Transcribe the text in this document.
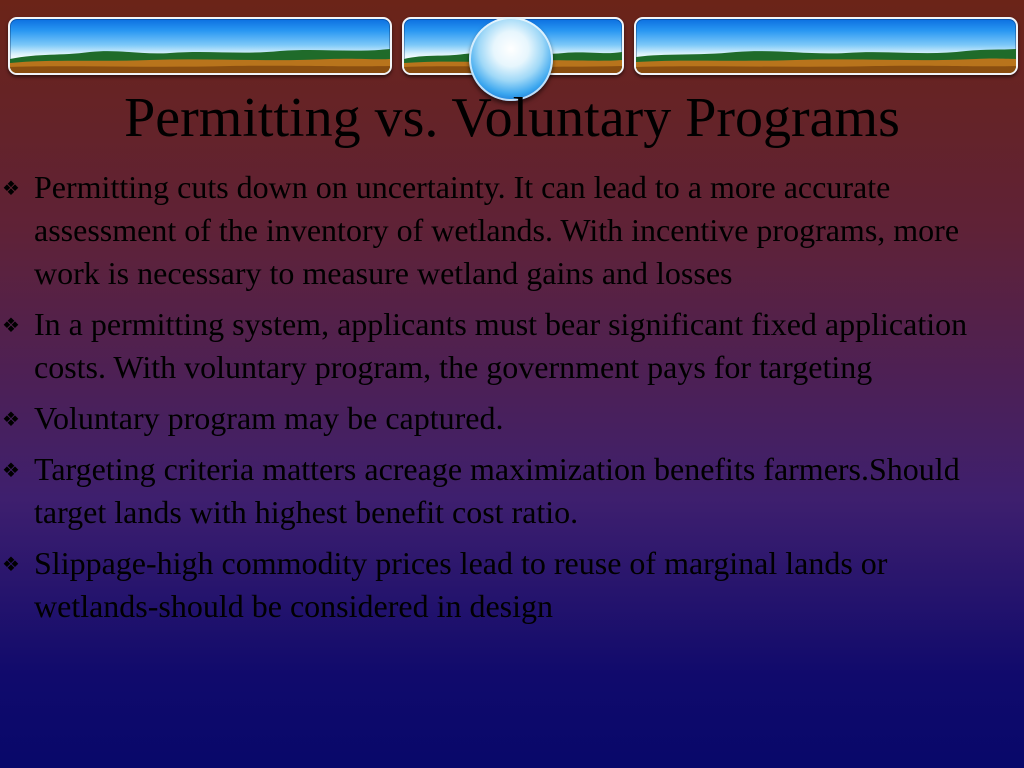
Permitting vs. Voluntary Programs
❖ Permitting cuts down on uncertainty. It can lead to a more accurate assessment of the inventory of wetlands. With incentive programs, more work is necessary to measure wetland gains and losses
❖ In a permitting system, applicants must bear significant fixed application costs. With voluntary program, the government pays for targeting
❖ Voluntary program may be captured.
❖ Targeting criteria matters acreage maximization benefits farmers.Should target lands with highest benefit cost ratio.
❖ Slippage-high commodity prices lead to reuse of marginal lands or wetlands-should be considered in design
